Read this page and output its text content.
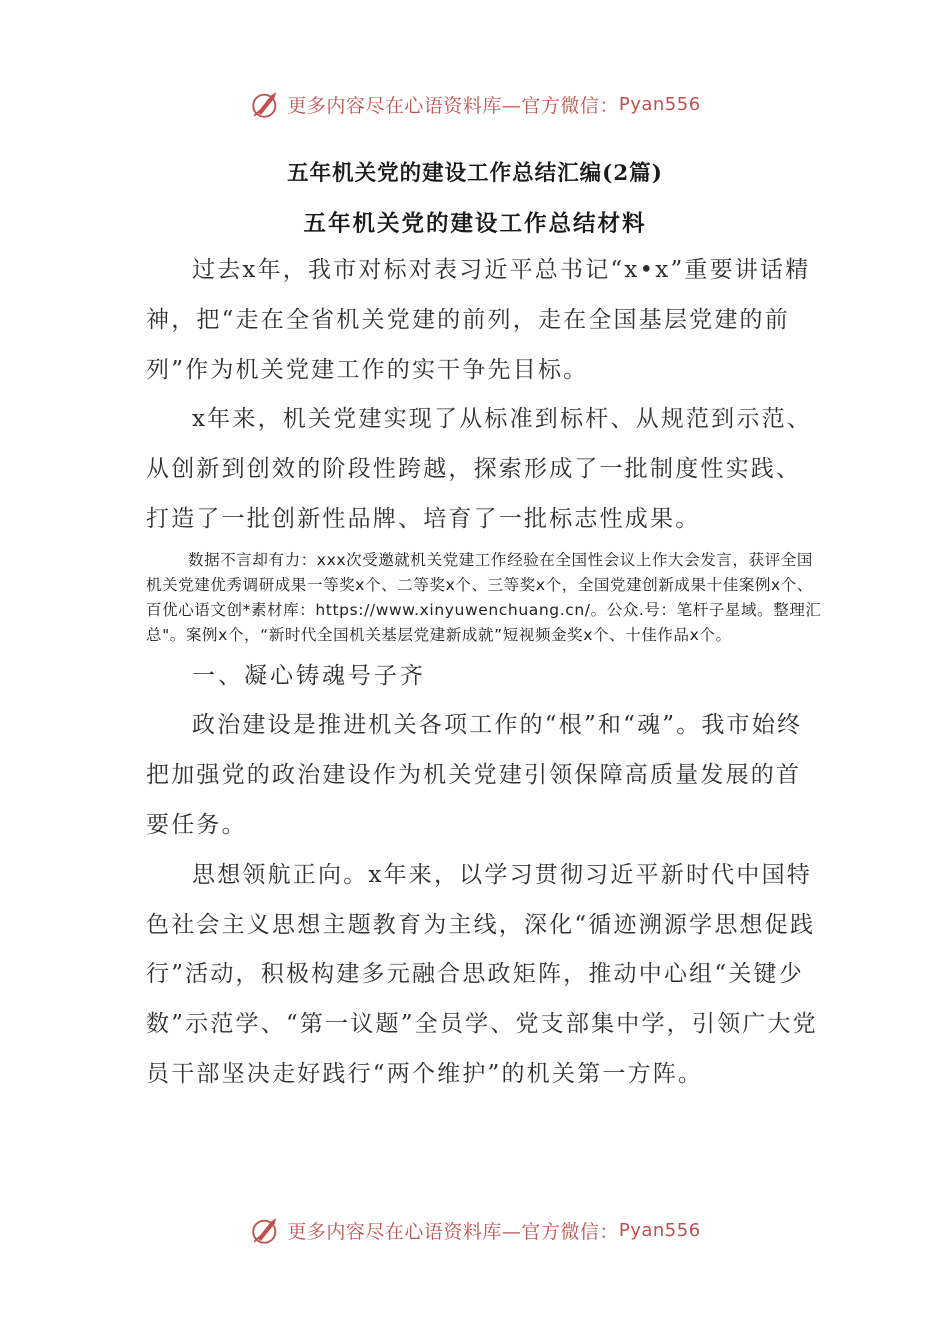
更多内容尽在心语资料库—官方微信： Pyan556
五年机关党的建设工作总结汇编(2篇)
五年机关党的建设工作总结材料

过去x年，我市对标对表习近平总书记“x•x”重要讲话精神，把“走在全省机关党建的前列，走在全国基层党建的前列”作为机关党建工作的实干争先目标。

x年来，机关党建实现了从标准到标杆、从规范到示范、从创新到创效的阶段性跨越，探索形成了一批制度性实践、打造了一批创新性品牌、培育了一批标志性成果。

数据不言却有力：xxx次受邀就机关党建工作经验在全国性会议上作大会发言，获评全国机关党建优秀调研成果一等奖x个、二等奖x个、三等奖x个，全国党建创新成果十佳案例x个、百优心语文创*素材库：https://www.xinyuwenchuang.cn/。公众.号：笔杆子星域。整理汇总"。案例x个，“新时代全国机关基层党建新成就”短视频金奖x个、十佳作品x个。

一、凝心铸魂号子齐

政治建设是推进机关各项工作的“根”和“魂”。我市始终把加强党的政治建设作为机关党建引领保障高质量发展的首要任务。

思想领航正向。x年来，以学习贯彻习近平新时代中国特色社会主义思想主题教育为主线，深化“循迹溯源学思想促践行”活动，积极构建多元融合思政矩阵，推动中心组“关键少数”示范学、“第一议题”全员学、党支部集中学，引领广大党员干部坚决走好践行“两个维护”的机关第一方阵。

更多内容尽在心语资料库—官方微信： Pyan556
